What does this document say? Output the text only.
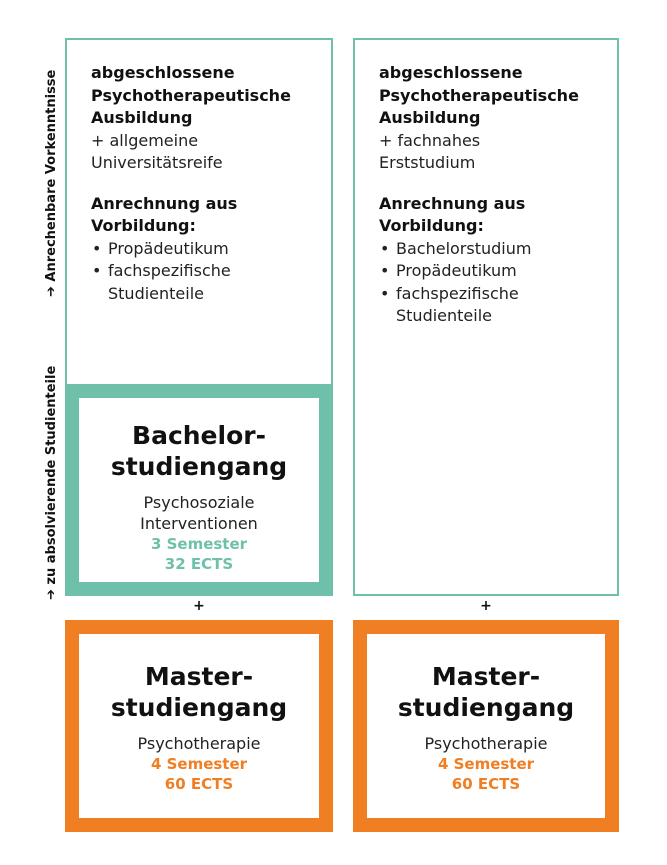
➔ Anrechenbare Vorkenntnisse
➔ zu absolvierende Studienteile
abgeschlossene
Psychotherapeutische
Ausbildung
+ allgemeine
Universitätsreife
Anrechnung aus
Vorbildung:
• Propädeutikum
• fachspezifische
Studienteile
abgeschlossene
Psychotherapeutische
Ausbildung
+ fachnahes
Erststudium
Anrechnung aus
Vorbildung:
• Bachelorstudium
• Propädeutikum
• fachspezifische
Studienteile
Bachelor-
studiengang
Psychosoziale
Interventionen
3 Semester
32 ECTS
+	+
Master-
studiengang
Psychotherapie
4 Semester
60 ECTS
Master-
studiengang
Psychotherapie
4 Semester
60 ECTS
